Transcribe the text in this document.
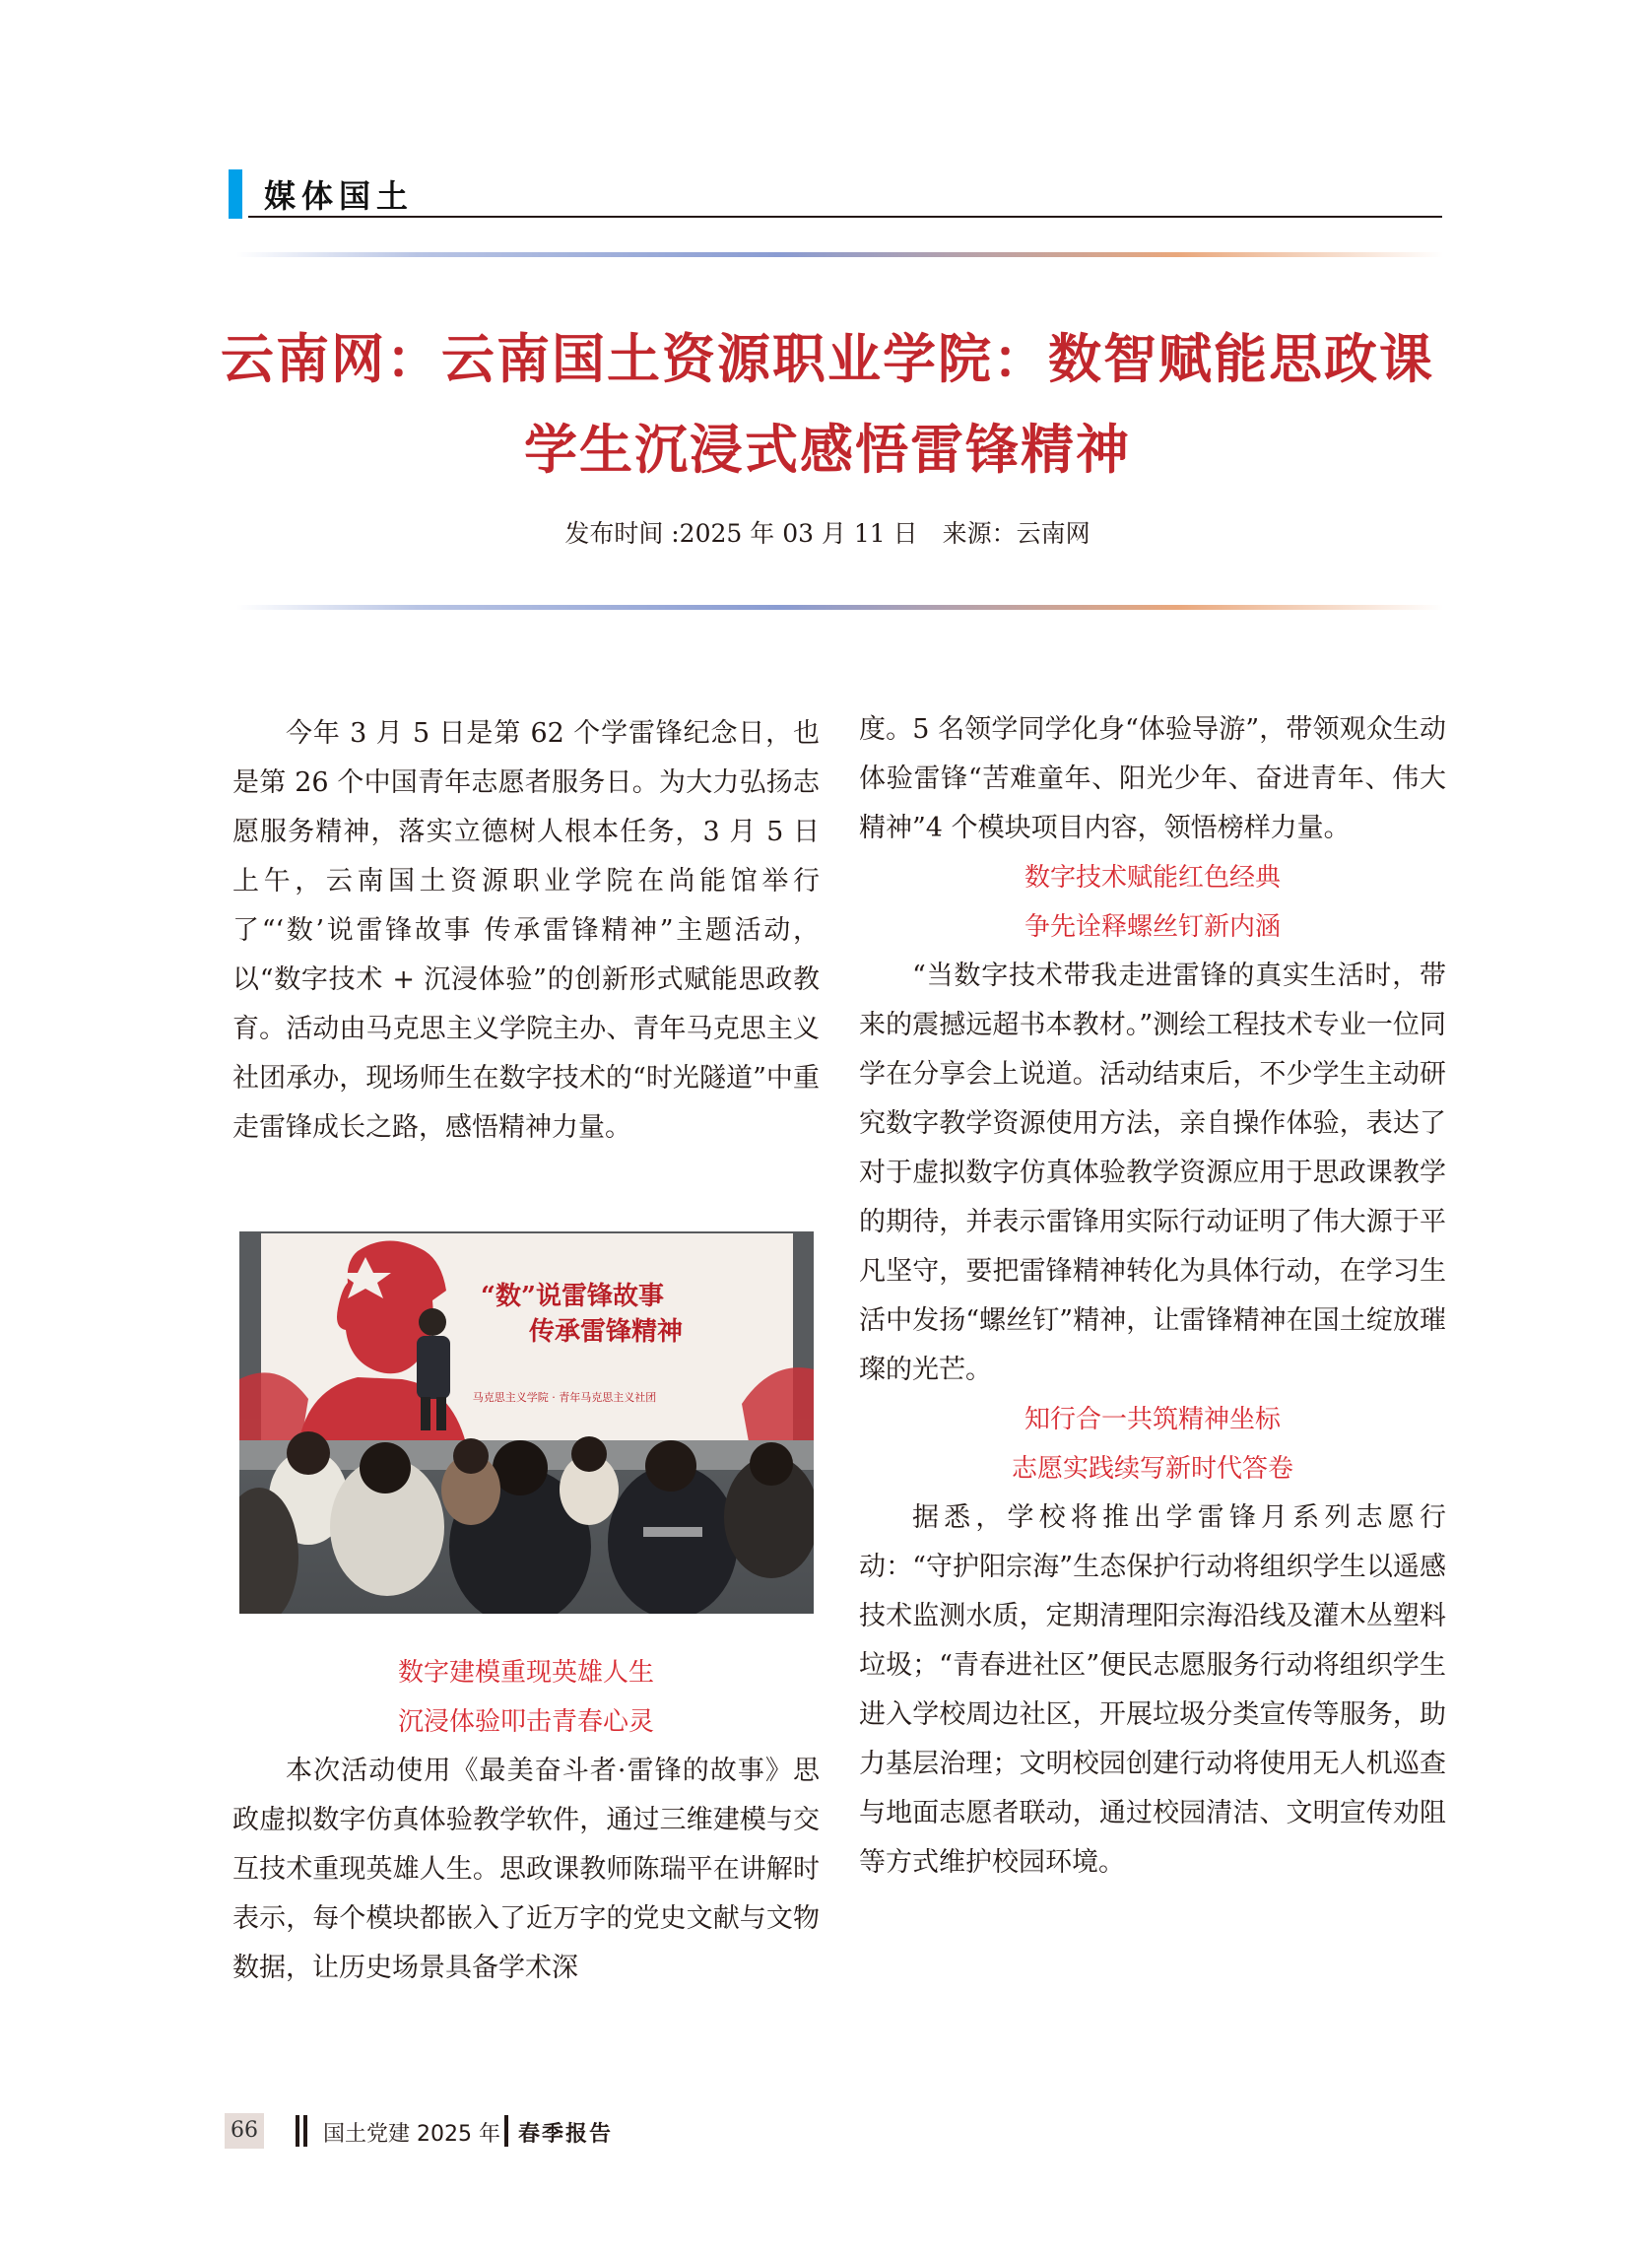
媒体国土
云南网：云南国土资源职业学院：数智赋能思政课
学生沉浸式感悟雷锋精神
发布时间 :2025 年 03 月 11 日　来源：云南网

今年 3 月 5 日是第 62 个学雷锋纪念日，也是第 26 个中国青年志愿者服务日。为大力弘扬志愿服务精神，落实立德树人根本任务，3 月 5 日上午，云南国土资源职业学院在尚能馆举行了“‘数’说雷锋故事 传承雷锋精神”主题活动，以“数字技术 + 沉浸体验”的创新形式赋能思政教育。活动由马克思主义学院主办、青年马克思主义社团承办，现场师生在数字技术的“时光隧道”中重走雷锋成长之路，感悟精神力量。

“数”说雷锋故事
传承雷锋精神
马克思主义学院 · 青年马克思主义社团

数字建模重现英雄人生

沉浸体验叩击青春心灵

本次活动使用《最美奋斗者·雷锋的故事》思政虚拟数字仿真体验教学软件，通过三维建模与交互技术重现英雄人生。思政课教师陈瑞平在讲解时表示，每个模块都嵌入了近万字的党史文献与文物数据，让历史场景具备学术深

度。5 名领学同学化身“体验导游”，带领观众生动体验雷锋“苦难童年、阳光少年、奋进青年、伟大精神”4 个模块项目内容，领悟榜样力量。

数字技术赋能红色经典

争先诠释螺丝钉新内涵

“当数字技术带我走进雷锋的真实生活时，带来的震撼远超书本教材。”测绘工程技术专业一位同学在分享会上说道。活动结束后，不少学生主动研究数字教学资源使用方法，亲自操作体验，表达了对于虚拟数字仿真体验教学资源应用于思政课教学的期待，并表示雷锋用实际行动证明了伟大源于平凡坚守，要把雷锋精神转化为具体行动，在学习生活中发扬“螺丝钉”精神，让雷锋精神在国土绽放璀璨的光芒。

知行合一共筑精神坐标

志愿实践续写新时代答卷

据悉，学校将推出学雷锋月系列志愿行动：“守护阳宗海”生态保护行动将组织学生以遥感技术监测水质，定期清理阳宗海沿线及灌木丛塑料垃圾；“青春进社区”便民志愿服务行动将组织学生进入学校周边社区，开展垃圾分类宣传等服务，助力基层治理；文明校园创建行动将使用无人机巡查与地面志愿者联动，通过校园清洁、文明宣传劝阻等方式维护校园环境。

66	国土党建 2025 年 春季报告
